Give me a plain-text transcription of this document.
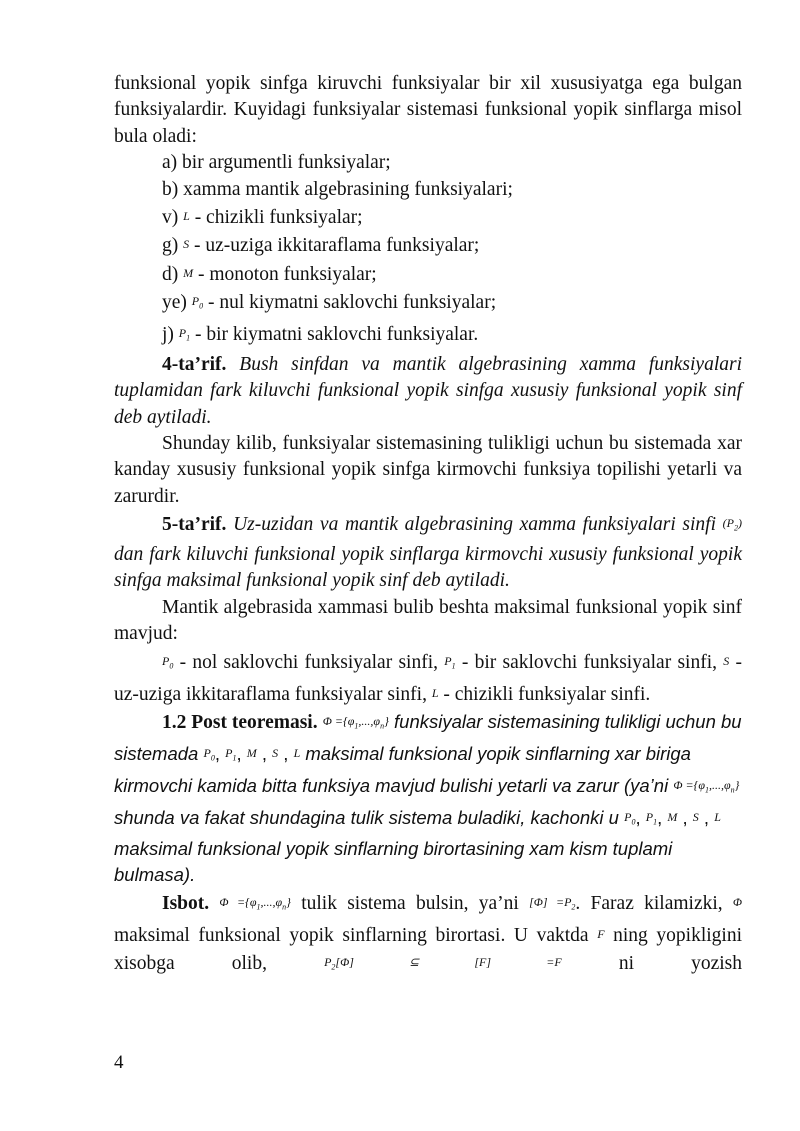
funksional yopik sinfga kiruvchi funksiyalar bir xil xususiyatga ega bulgan funksiyalardir. Kuyidagi funksiyalar sistemasi funksional yopik sinflarga misol bula oladi:

a) bir argumentli funksiyalar;

b) xamma mantik algebrasining funksiyalari;

v) L - chizikli funksiyalar;

g) S - uz-uziga ikkitaraflama funksiyalar;

d) M - monoton funksiyalar;

ye) $P_0$ - nul kiymatni saklovchi funksiyalar;

j) $P_1$ - bir kiymatni saklovchi funksiyalar.

4-ta’rif. Bush sinfdan va mantik algebrasining xamma funksiyalari tuplamidan fark kiluvchi funksional yopik sinfga xususiy funksional yopik sinf deb aytiladi.

Shunday kilib, funksiyalar sistemasining tulikligi uchun bu sistemada xar kanday xususiy funksional yopik sinfga kirmovchi funksiya topilishi yetarli va zarurdir.

5-ta’rif. Uz-uzidan va mantik algebrasining xamma funksiyalari sinfi $(P_2)$ dan fark kiluvchi funksional yopik sinflarga kirmovchi xususiy funksional yopik sinfga maksimal funksional yopik sinf deb aytiladi.

Mantik algebrasida xammasi bulib beshta maksimal funksional yopik sinf mavjud:

$P_0$ - nol saklovchi funksiyalar sinfi, $P_1$ - bir saklovchi funksiyalar sinfi, S - uz-uziga ikkitaraflama funksiyalar sinfi, L - chizikli funksiyalar sinfi.

1.2 Post teoremasi. $\Phi =\{\varphi_1,...,\varphi_n\}$ funksiyalar sistemasining tulikligi uchun bu sistemada $P_0$, $P_1$, M , S , L maksimal funksional yopik sinflarning xar biriga kirmovchi kamida bitta funksiya mavjud bulishi yetarli va zarur (ya’ni $\Phi =\{\varphi_1,...,\varphi_n\}$ shunda va fakat shundagina tulik sistema buladiki, kachonki u $P_0$, $P_1$, M , S , L maksimal funksional yopik sinflarning birortasining xam kism tuplami bulmasa).

Isbot. $\Phi =\{\varphi_1,...,\varphi_n\}$ tulik sistema bulsin, ya’ni $[\Phi] =P_2$. Faraz kilamizki, Φ maksimal funksional yopik sinflarning birortasi. U vaktda F ning yopikligini xisobga olib,	$P_2[\Phi]$ ⊆ [F] =F	ni yozish

4
